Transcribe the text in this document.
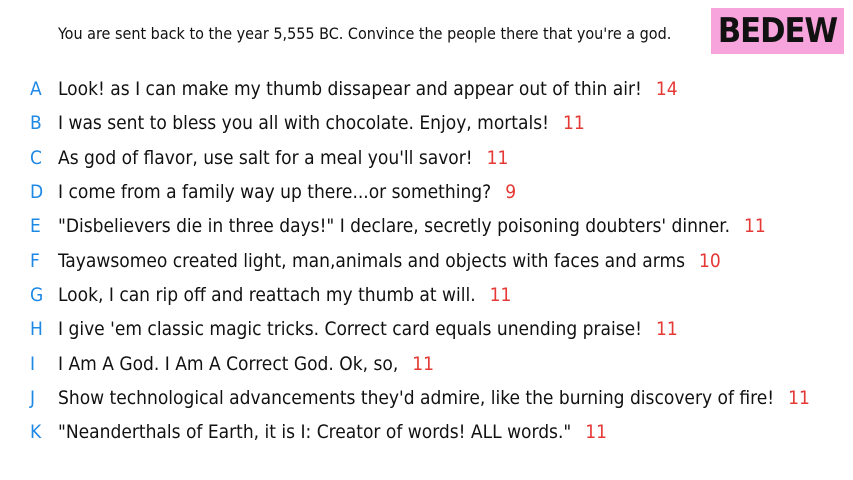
You are sent back to the year 5,555 BC. Convince the people there that you're a god.	BEDEW
A Look! as I can make my thumb dissapear and appear out of thin air! 14
B I was sent to bless you all with chocolate. Enjoy, mortals! 11
C As god of flavor, use salt for a meal you'll savor! 11
D I come from a family way up there...or something? 9
E "Disbelievers die in three days!" I declare, secretly poisoning doubters' dinner. 11
F Tayawsomeo created light, man,animals and objects with faces and arms 10
G Look, I can rip off and reattach my thumb at will. 11
H I give 'em classic magic tricks. Correct card equals unending praise! 11
I	I Am A God. I Am A Correct God. Ok, so, 11
J	Show technological advancements they'd admire, like the burning discovery of fire! 11
K "Neanderthals of Earth, it is I: Creator of words! ALL words." 11
